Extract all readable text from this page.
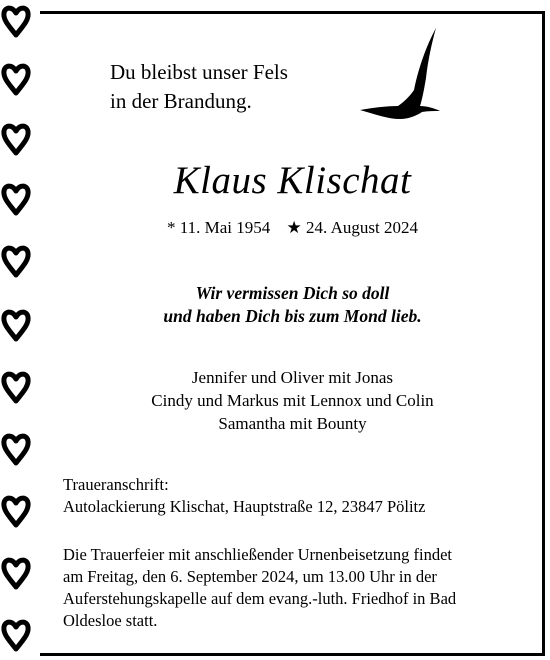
Du bleibst unser Fels
in der Brandung.
Klaus Klischat
* 11. Mai 1954 ★ 24. August 2024
Wir vermissen Dich so doll
und haben Dich bis zum Mond lieb.
Jennifer und Oliver mit Jonas
Cindy und Markus mit Lennox und Colin
Samantha mit Bounty
Traueranschrift:
Autolackierung Klischat, Hauptstraße 12, 23847 Pölitz
Die Trauerfeier mit anschließender Urnenbeisetzung findet
am Freitag, den 6. September 2024, um 13.00 Uhr in der
Auferstehungskapelle auf dem evang.-luth. Friedhof in Bad
Oldesloe statt.
